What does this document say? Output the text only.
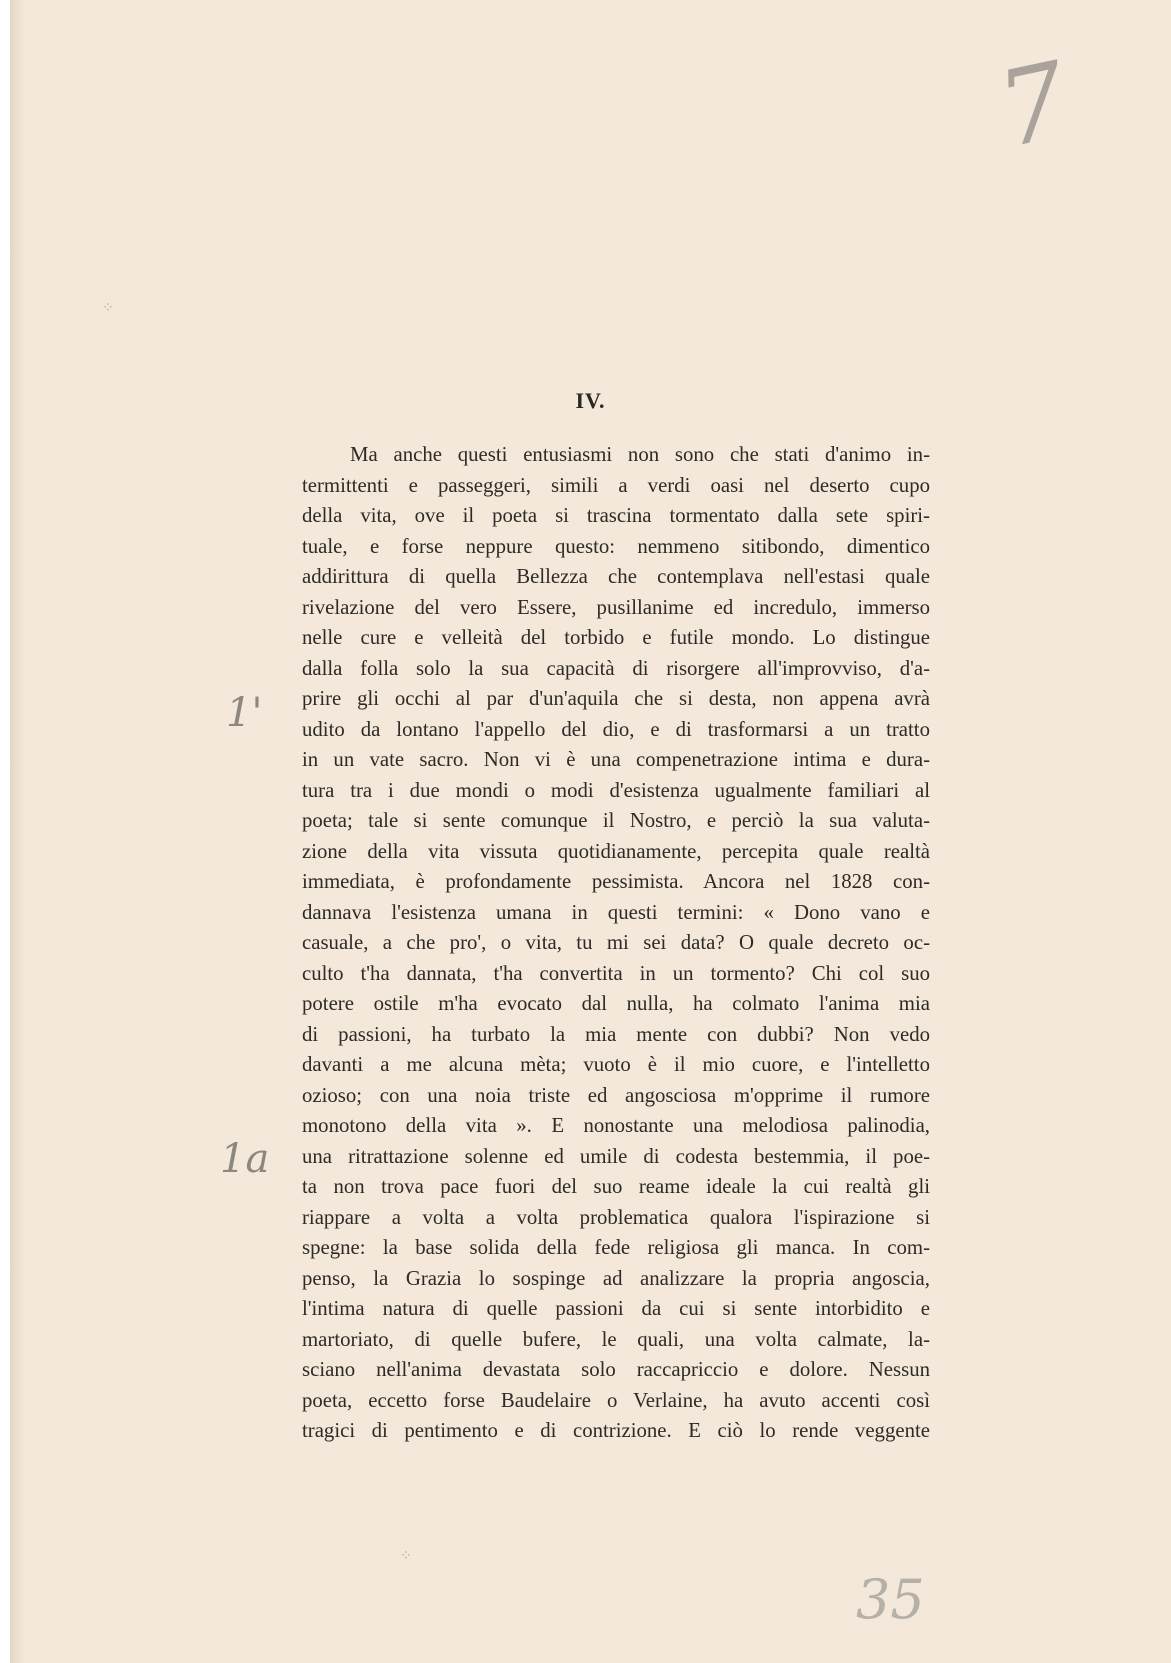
7
1'
1a
35
⁘
⁘
IV.
Ma anche questi entusiasmi non sono che stati d'animo in-
termittenti e passeggeri, simili a verdi oasi nel deserto cupo
della vita, ove il poeta si trascina tormentato dalla sete spiri-
tuale, e forse neppure questo: nemmeno sitibondo, dimentico
addirittura di quella Bellezza che contemplava nell'estasi quale
rivelazione del vero Essere, pusillanime ed incredulo, immerso
nelle cure e velleità del torbido e futile mondo. Lo distingue
dalla folla solo la sua capacità di risorgere all'improvviso, d'a-
prire gli occhi al par d'un'aquila che si desta, non appena avrà
udito da lontano l'appello del dio, e di trasformarsi a un tratto
in un vate sacro. Non vi è una compenetrazione intima e dura-
tura tra i due mondi o modi d'esistenza ugualmente familiari al
poeta; tale si sente comunque il Nostro, e perciò la sua valuta-
zione della vita vissuta quotidianamente, percepita quale realtà
immediata, è profondamente pessimista. Ancora nel 1828 con-
dannava l'esistenza umana in questi termini: « Dono vano e
casuale, a che pro', o vita, tu mi sei data? O quale decreto oc-
culto t'ha dannata, t'ha convertita in un tormento? Chi col suo
potere ostile m'ha evocato dal nulla, ha colmato l'anima mia
di passioni, ha turbato la mia mente con dubbi? Non vedo
davanti a me alcuna mèta; vuoto è il mio cuore, e l'intelletto
ozioso; con una noia triste ed angosciosa m'opprime il rumore
monotono della vita ». E nonostante una melodiosa palinodia,
una ritrattazione solenne ed umile di codesta bestemmia, il poe-
ta non trova pace fuori del suo reame ideale la cui realtà gli
riappare a volta a volta problematica qualora l'ispirazione si
spegne: la base solida della fede religiosa gli manca. In com-
penso, la Grazia lo sospinge ad analizzare la propria angoscia,
l'intima natura di quelle passioni da cui si sente intorbidito e
martoriato, di quelle bufere, le quali, una volta calmate, la-
sciano nell'anima devastata solo raccapriccio e dolore. Nessun
poeta, eccetto forse Baudelaire o Verlaine, ha avuto accenti così
tragici di pentimento e di contrizione. E ciò lo rende veggente
